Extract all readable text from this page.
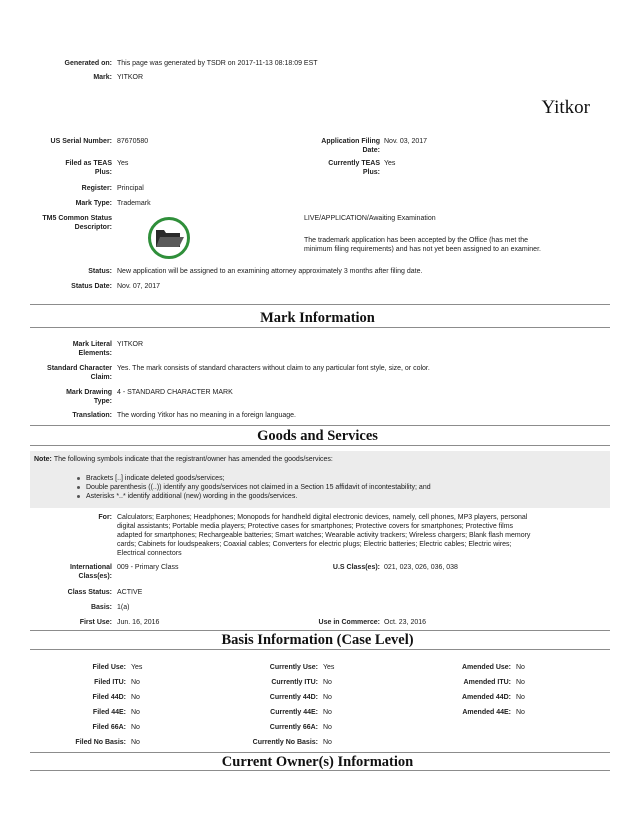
Generated on: This page was generated by TSDR on 2017-11-13 08:18:09 EST
Mark: YITKOR
Yitkor
US Serial Number: 87670580	Application Filing
Date:
Nov. 03, 2017
Filed as TEAS
Plus:
Yes	Currently TEAS
Plus:
Yes
Register: Principal
Mark Type: Trademark
TM5 Common Status
Descriptor:
LIVE/APPLICATION/Awaiting Examination
The trademark application has been accepted by the Office (has met the
minimum filing requirements) and has not yet been assigned to an examiner.
Status: New application will be assigned to an examining attorney approximately 3 months after filing date.
Status Date: Nov. 07, 2017
Mark Information
Mark Literal
Elements:
YITKOR
Standard Character
Claim:
Yes. The mark consists of standard characters without claim to any particular font style, size, or color.
Mark Drawing
Type:
4 - STANDARD CHARACTER MARK
Translation: The wording Yitkor has no meaning in a foreign language.
Goods and Services
Note: The following symbols indicate that the registrant/owner has amended the goods/services:
Brackets [..] indicate deleted goods/services;
Double parenthesis ((..)) identify any goods/services not claimed in a Section 15 affidavit of incontestability; and
Asterisks *..* identify additional (new) wording in the goods/services.
For: Calculators; Earphones; Headphones; Monopods for handheld digital electronic devices, namely, cell phones, MP3 players, personal
digital assistants; Portable media players; Protective cases for smartphones; Protective covers for smartphones; Protective films
adapted for smartphones; Rechargeable batteries; Smart watches; Wearable activity trackers; Wireless chargers; Blank flash memory
cards; Cabinets for loudspeakers; Coaxial cables; Converters for electric plugs; Electric batteries; Electric cables; Electric wires;
Electrical connectors
International
Class(es):
009 - Primary Class	U.S Class(es): 021, 023, 026, 036, 038
Class Status: ACTIVE
Basis: 1(a)
First Use: Jun. 16, 2016	Use in Commerce: Oct. 23, 2016
Basis Information (Case Level)
Filed Use: Yes	Currently Use: Yes	Amended Use: No
Filed ITU: No	Currently ITU: No	Amended ITU: No
Filed 44D: No	Currently 44D: No	Amended 44D: No
Filed 44E: No	Currently 44E: No	Amended 44E: No
Filed 66A: No	Currently 66A: No
Filed No Basis: No	Currently No Basis: No
Current Owner(s) Information
